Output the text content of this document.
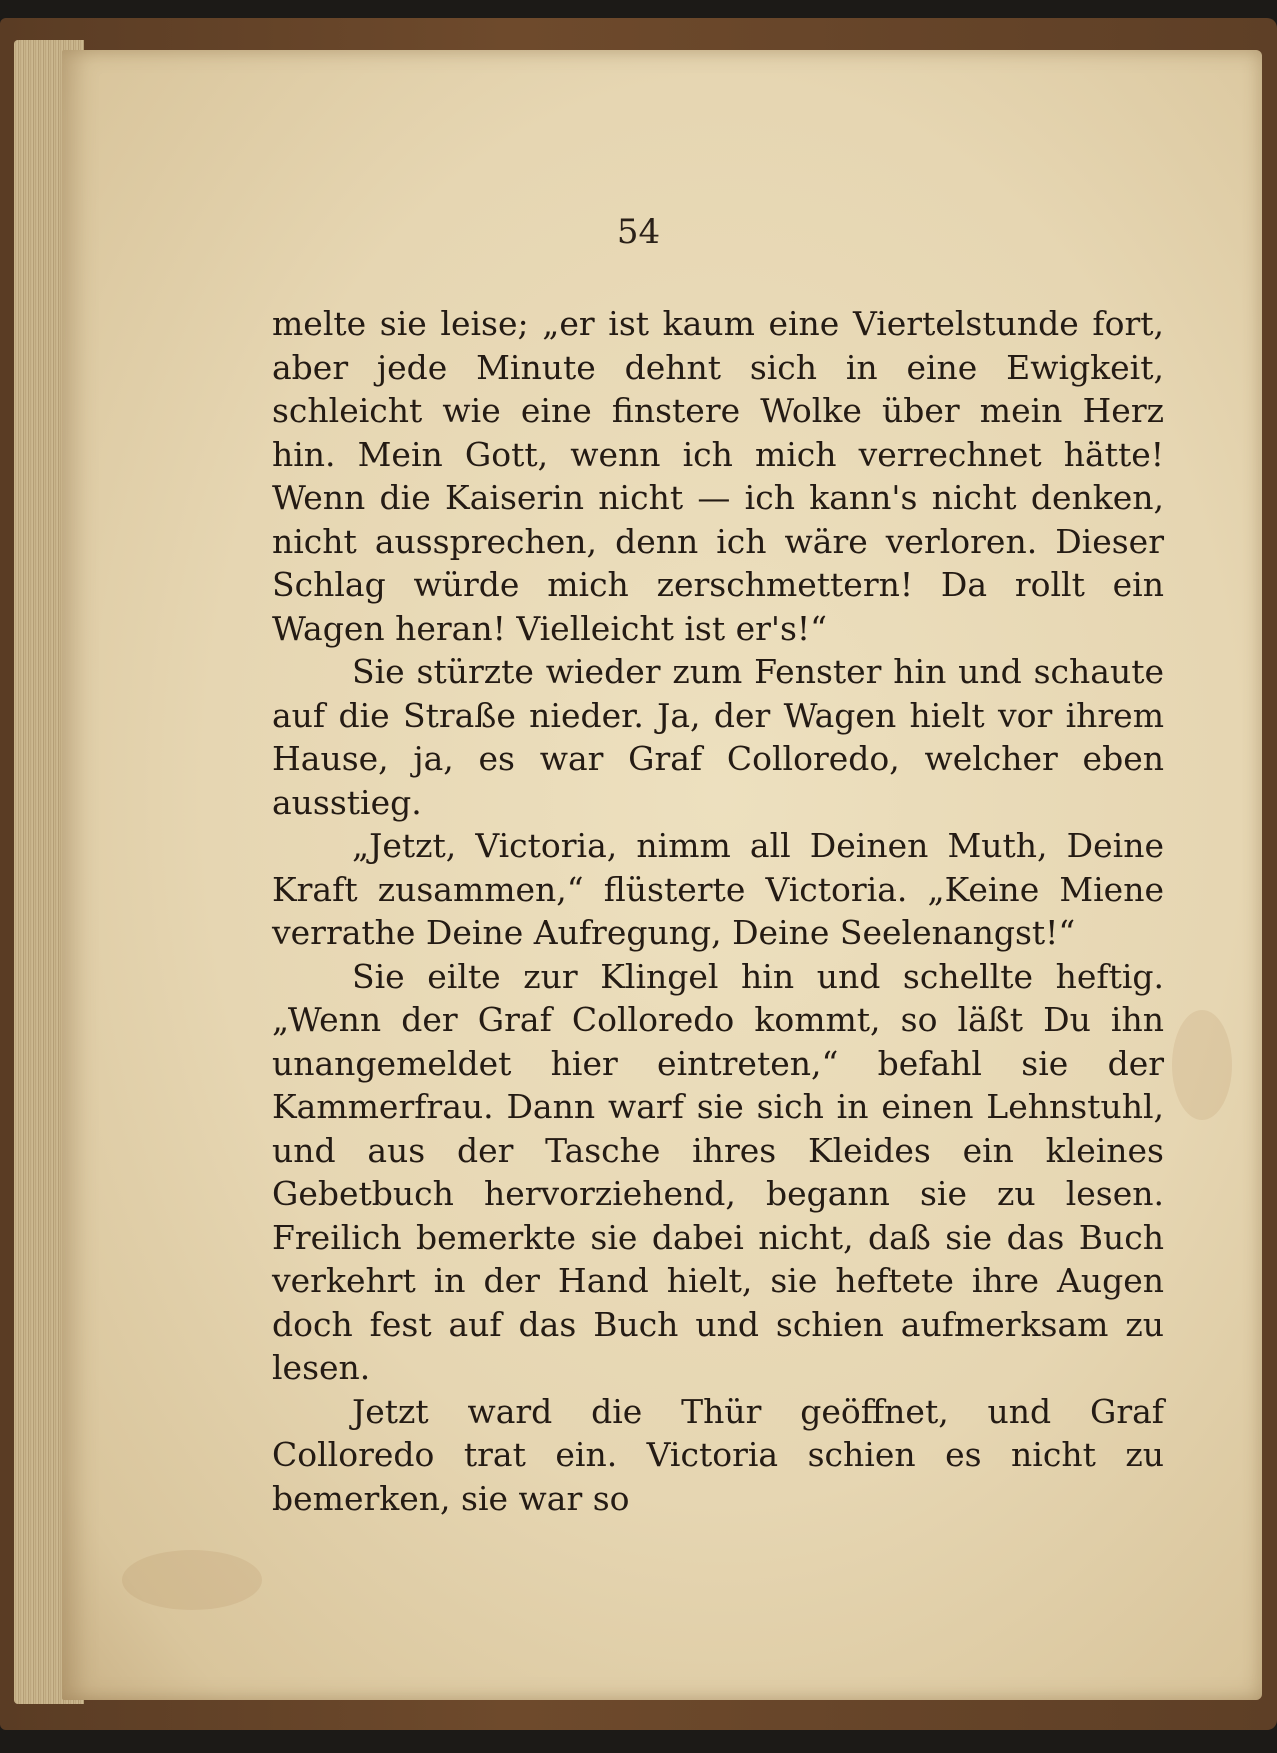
54

melte sie leise; „er ist kaum eine Viertelstunde fort, aber jede Minute dehnt sich in eine Ewigkeit, schleicht wie eine finstere Wolke über mein Herz hin. Mein Gott, wenn ich mich verrechnet hätte! Wenn die Kaiserin nicht — ich kann's nicht denken, nicht aussprechen, denn ich wäre verloren. Dieser Schlag würde mich zerschmettern! Da rollt ein Wagen heran! Vielleicht ist er's!“

Sie stürzte wieder zum Fenster hin und schaute auf die Straße nieder. Ja, der Wagen hielt vor ihrem Hause, ja, es war Graf Colloredo, welcher eben ausstieg.

„Jetzt, Victoria, nimm all Deinen Muth, Deine Kraft zusammen,“ flüsterte Victoria. „Keine Miene verrathe Deine Aufregung, Deine Seelenangst!“

Sie eilte zur Klingel hin und schellte heftig. „Wenn der Graf Colloredo kommt, so läßt Du ihn unangemeldet hier eintreten,“ befahl sie der Kammerfrau. Dann warf sie sich in einen Lehnstuhl, und aus der Tasche ihres Kleides ein kleines Gebetbuch hervorziehend, begann sie zu lesen. Freilich bemerkte sie dabei nicht, daß sie das Buch verkehrt in der Hand hielt, sie heftete ihre Augen doch fest auf das Buch und schien aufmerksam zu lesen.

Jetzt ward die Thür geöffnet, und Graf Colloredo trat ein. Victoria schien es nicht zu bemerken, sie war so
